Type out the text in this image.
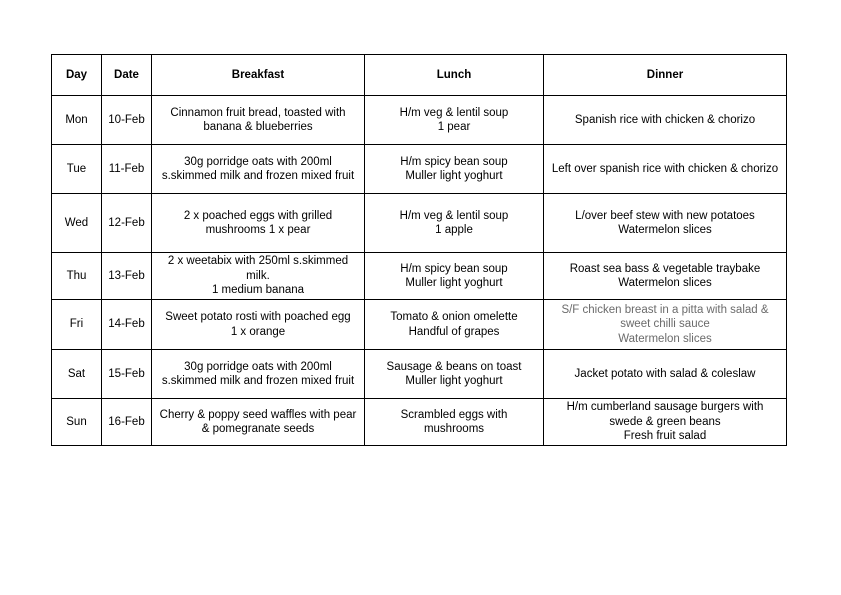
Day	Date	Breakfast	Lunch	Dinner
Mon	10-Feb	Cinnamon fruit bread, toasted with
banana & blueberries	H/m veg & lentil soup
1 pear	Spanish rice with chicken & chorizo

Tue	11-Feb	30g porridge oats with 200ml
s.skimmed milk and frozen mixed fruit	H/m spicy bean soup
Muller light yoghurt	Left over spanish rice with chicken & chorizo

Wed	12-Feb	2 x poached eggs with grilled
mushrooms 1 x pear	H/m veg & lentil soup
1 apple	L/over beef stew with new potatoes
Watermelon slices

Thu	13-Feb	2 x weetabix with 250ml s.skimmed
milk.
1 medium banana	H/m spicy bean soup
Muller light yoghurt	Roast sea bass & vegetable traybake
Watermelon slices

Fri	14-Feb	Sweet potato rosti with poached egg
1 x orange	Tomato & onion omelette
Handful of grapes	S/F chicken breast in a pitta with salad &
sweet chilli sauce
Watermelon slices

Sat	15-Feb	30g porridge oats with 200ml
s.skimmed milk and frozen mixed fruit	Sausage & beans on toast
Muller light yoghurt	Jacket potato with salad & coleslaw

Sun	16-Feb	Cherry & poppy seed waffles with pear
& pomegranate seeds	Scrambled eggs with
mushrooms	H/m cumberland sausage burgers with
swede & green beans
Fresh fruit salad
